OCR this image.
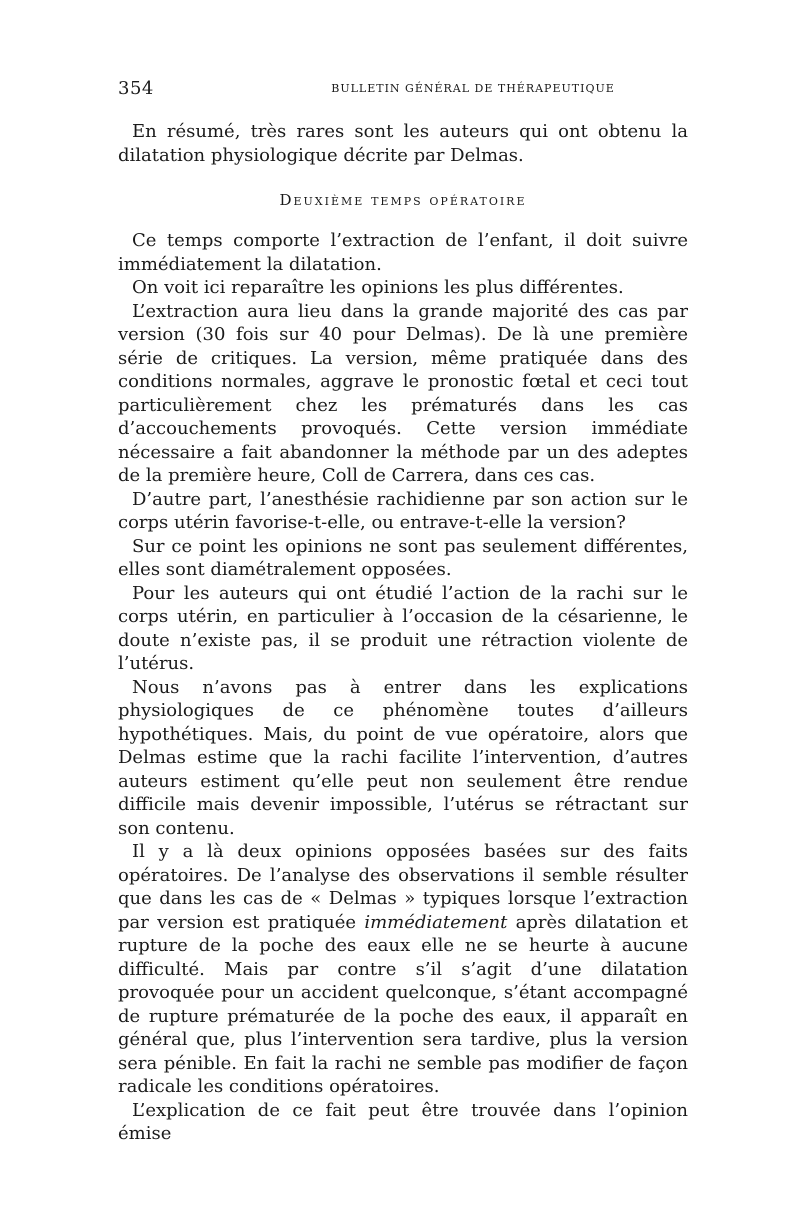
354	BULLETIN GÉNÉRAL DE THÉRAPEUTIQUE

En résumé, très rares sont les auteurs qui ont obtenu la dilatation physiologique décrite par Delmas.

Deuxième temps opératoire

Ce temps comporte l’extraction de l’enfant, il doit suivre immédiatement la dilatation.

On voit ici reparaître les opinions les plus différentes.

L’extraction aura lieu dans la grande majorité des cas par version (30 fois sur 40 pour Delmas). De là une première série de critiques. La version, même pratiquée dans des conditions normales, aggrave le pronostic fœtal et ceci tout particulièrement chez les prématurés dans les cas d’accouchements provoqués. Cette version immédiate nécessaire a fait abandonner la méthode par un des adeptes de la première heure, Coll de Carrera, dans ces cas.

D’autre part, l’anesthésie rachidienne par son action sur le corps utérin favorise-t-elle, ou entrave-t-elle la version?

Sur ce point les opinions ne sont pas seulement différentes, elles sont diamétralement opposées.

Pour les auteurs qui ont étudié l’action de la rachi sur le corps utérin, en particulier à l’occasion de la césarienne, le doute n’existe pas, il se produit une rétraction violente de l’utérus.

Nous n’avons pas à entrer dans les explications physiologiques de ce phénomène toutes d’ailleurs hypothétiques. Mais, du point de vue opératoire, alors que Delmas estime que la rachi facilite l’intervention, d’autres auteurs estiment qu’elle peut non seulement être rendue difficile mais devenir impossible, l’utérus se rétractant sur son contenu.

Il y a là deux opinions opposées basées sur des faits opératoires. De l’analyse des observations il semble résulter que dans les cas de « Delmas » typiques lorsque l’extraction par version est pratiquée immédiatement après dilatation et rupture de la poche des eaux elle ne se heurte à aucune difficulté. Mais par contre s’il s’agit d’une dilatation provoquée pour un accident quelconque, s’étant accompagné de rupture prématurée de la poche des eaux, il apparaît en général que, plus l’intervention sera tardive, plus la version sera pénible. En fait la rachi ne semble pas modifier de façon radicale les conditions opératoires.

L’explication de ce fait peut être trouvée dans l’opinion émise
